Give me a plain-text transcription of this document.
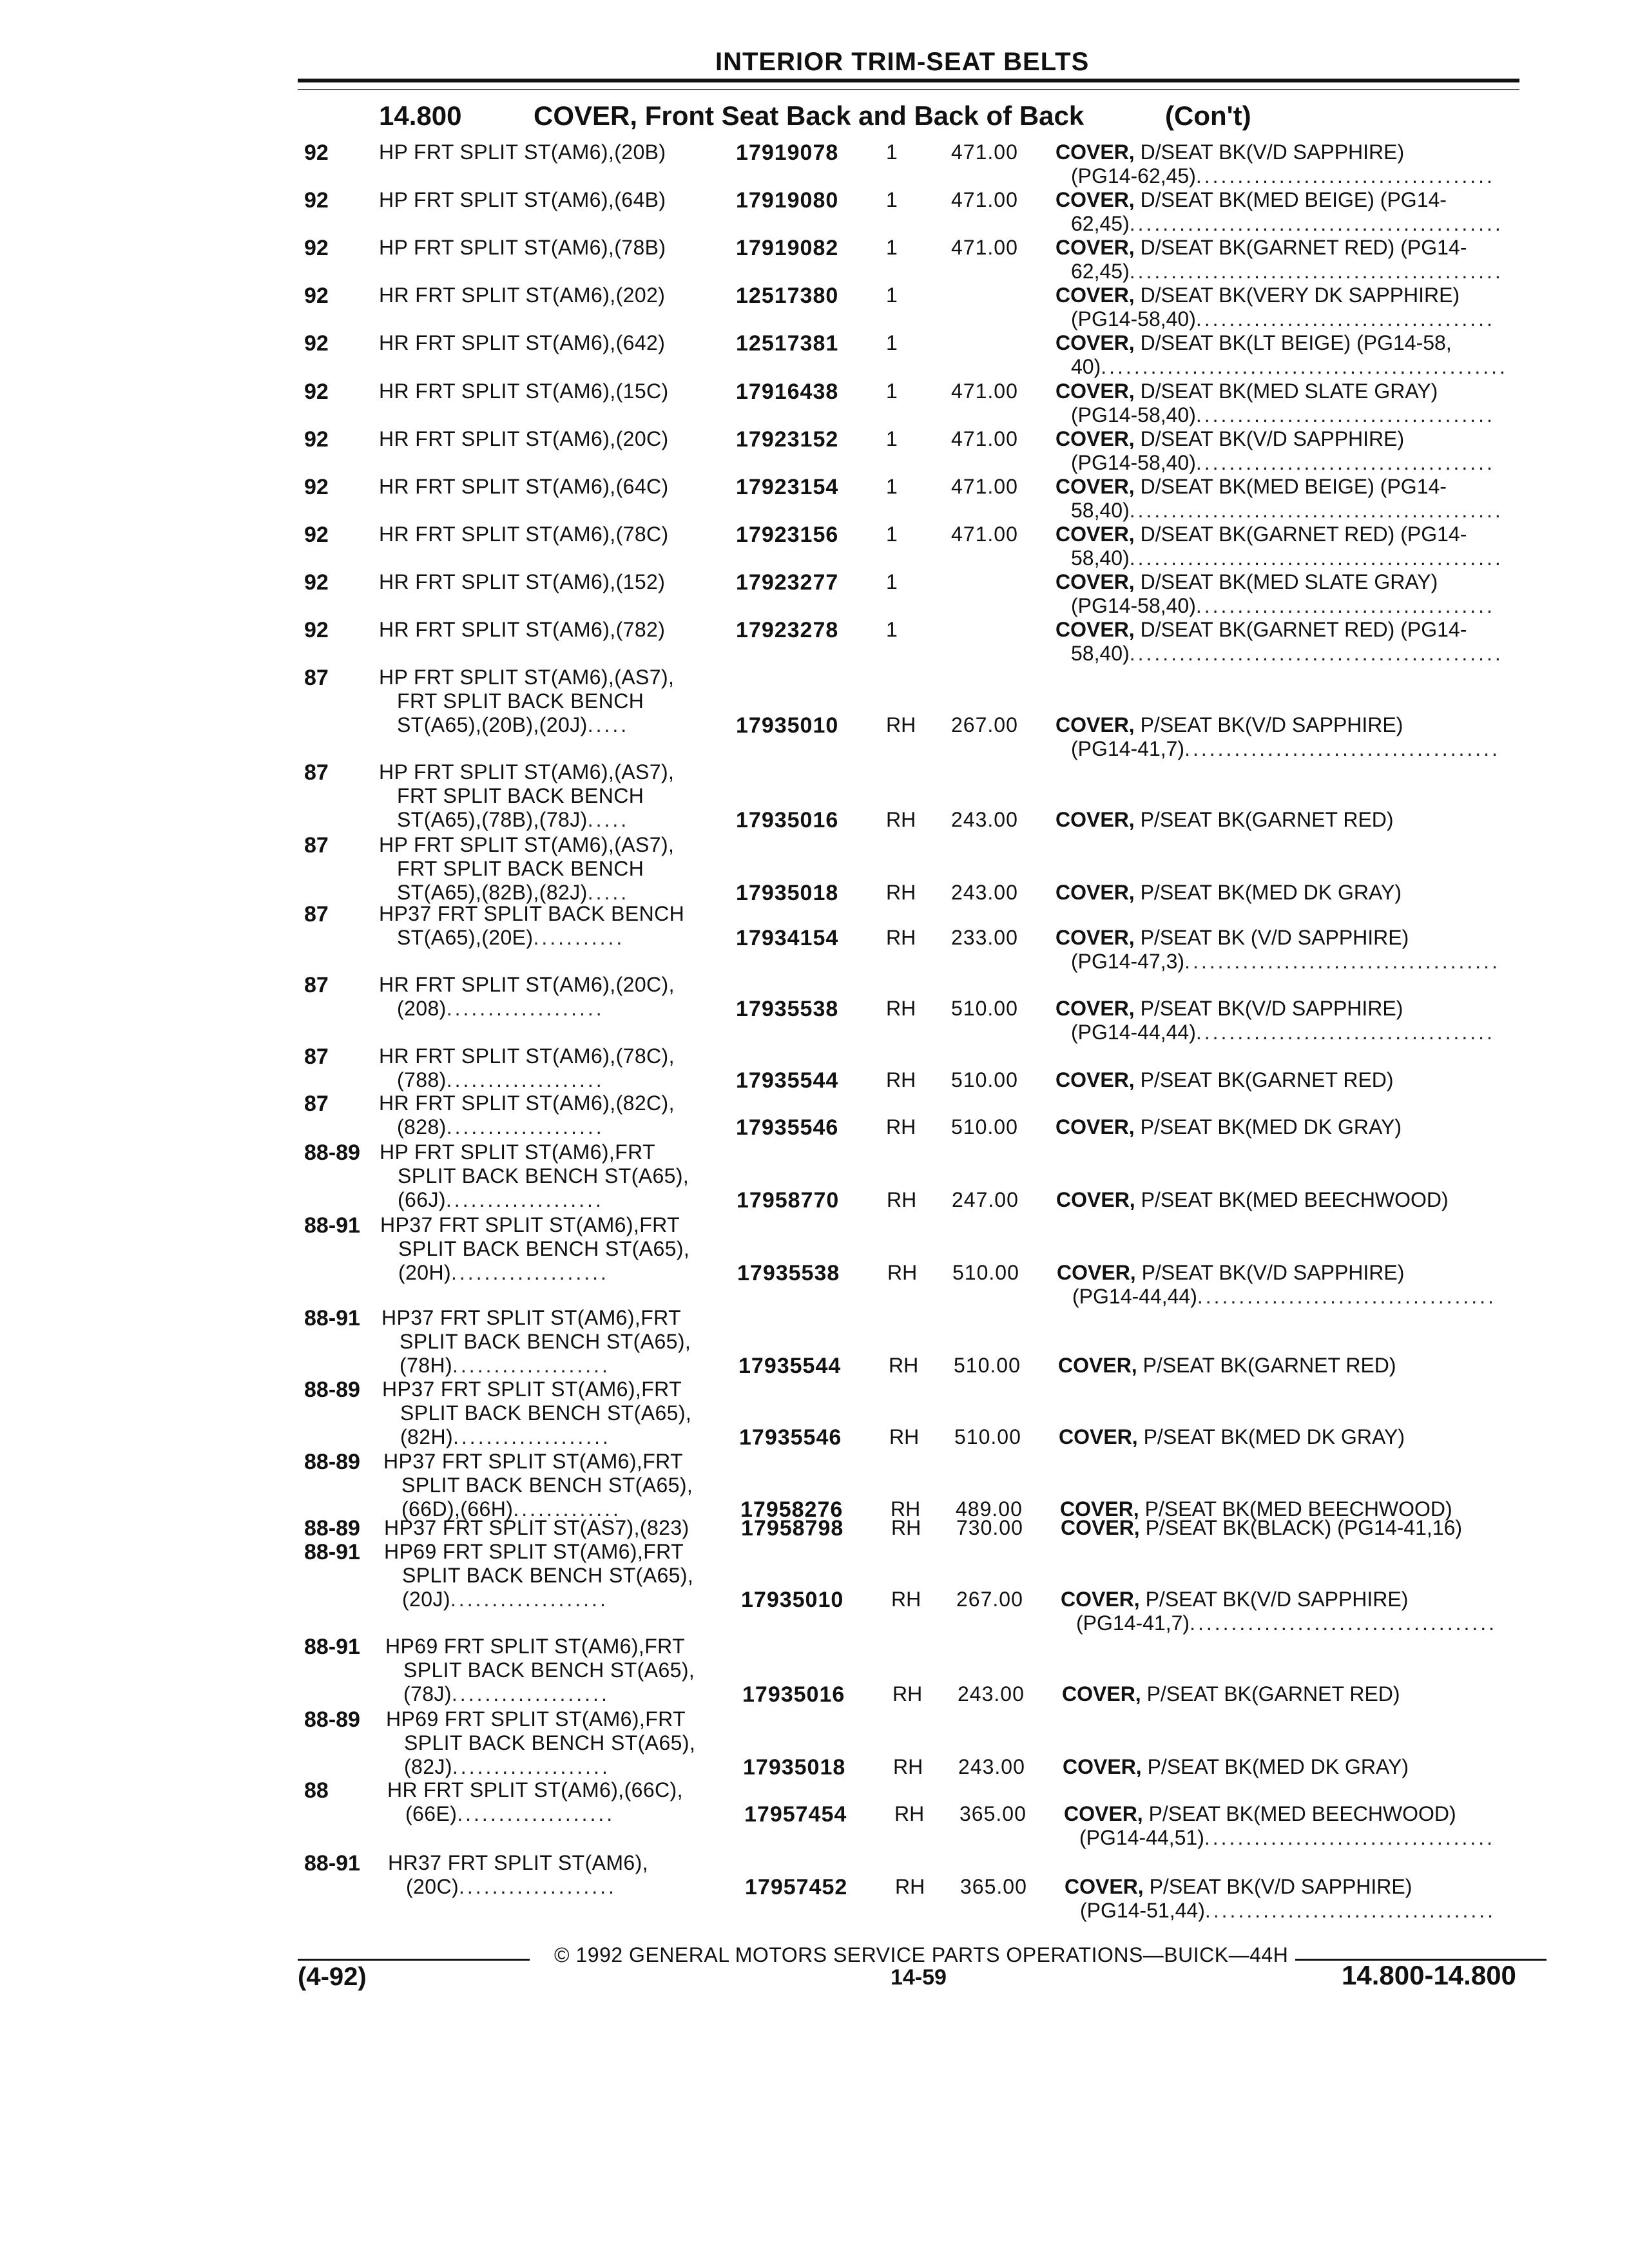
INTERIOR TRIM-SEAT BELTS
14.800	COVER, Front Seat Back and Back of Back	(Con't)
92 HP FRT SPLIT ST(AM6),(20B)	17919078 1	471.00 COVER, D/SEAT BK(V/D SAPPHIRE)
(PG14-62,45)....................................
92 HP FRT SPLIT ST(AM6),(64B)	17919080 1	471.00 COVER, D/SEAT BK(MED BEIGE) (PG14-
62,45).............................................
92 HP FRT SPLIT ST(AM6),(78B)	17919082 1	471.00 COVER, D/SEAT BK(GARNET RED) (PG14-
62,45).............................................
92 HR FRT SPLIT ST(AM6),(202)	12517380 1	COVER, D/SEAT BK(VERY DK SAPPHIRE)
(PG14-58,40)....................................
92 HR FRT SPLIT ST(AM6),(642)	12517381 1	COVER, D/SEAT BK(LT BEIGE) (PG14-58,
40).................................................
92 HR FRT SPLIT ST(AM6),(15C)	17916438 1	471.00 COVER, D/SEAT BK(MED SLATE GRAY)
(PG14-58,40)....................................
92 HR FRT SPLIT ST(AM6),(20C)	17923152 1	471.00 COVER, D/SEAT BK(V/D SAPPHIRE)
(PG14-58,40)....................................
92 HR FRT SPLIT ST(AM6),(64C)	17923154 1	471.00 COVER, D/SEAT BK(MED BEIGE) (PG14-
58,40).............................................
92 HR FRT SPLIT ST(AM6),(78C)	17923156 1	471.00 COVER, D/SEAT BK(GARNET RED) (PG14-
58,40).............................................
92 HR FRT SPLIT ST(AM6),(152)	17923277 1	COVER, D/SEAT BK(MED SLATE GRAY)
(PG14-58,40)....................................
92 HR FRT SPLIT ST(AM6),(782)	17923278 1	COVER, D/SEAT BK(GARNET RED) (PG14-
58,40).............................................
87 HP FRT SPLIT ST(AM6),(AS7),
FRT SPLIT BACK BENCH
ST(A65),(20B),(20J).....	17935010 RH 267.00 COVER, P/SEAT BK(V/D SAPPHIRE)
(PG14-41,7)......................................
87 HP FRT SPLIT ST(AM6),(AS7),
FRT SPLIT BACK BENCH
ST(A65),(78B),(78J).....	17935016 RH 243.00 COVER, P/SEAT BK(GARNET RED)
87 HP FRT SPLIT ST(AM6),(AS7),
FRT SPLIT BACK BENCH
ST(A65),(82B),(82J).....	17935018 RH 243.00 COVER, P/SEAT BK(MED DK GRAY)
87 HP37 FRT SPLIT BACK BENCH
ST(A65),(20E)...........	17934154 RH 233.00 COVER, P/SEAT BK (V/D SAPPHIRE)
(PG14-47,3)......................................
87 HR FRT SPLIT ST(AM6),(20C),
(208)...................	17935538 RH 510.00 COVER, P/SEAT BK(V/D SAPPHIRE)
(PG14-44,44)....................................
87 HR FRT SPLIT ST(AM6),(78C),
(788)...................	17935544 RH 510.00 COVER, P/SEAT BK(GARNET RED)
87 HR FRT SPLIT ST(AM6),(82C),
(828)...................	17935546 RH 510.00 COVER, P/SEAT BK(MED DK GRAY)
88-89 HP FRT SPLIT ST(AM6),FRT
SPLIT BACK BENCH ST(A65),
(66J)...................	17958770 RH 247.00 COVER, P/SEAT BK(MED BEECHWOOD)
88-91 HP37 FRT SPLIT ST(AM6),FRT
SPLIT BACK BENCH ST(A65),
(20H)...................	17935538 RH 510.00 COVER, P/SEAT BK(V/D SAPPHIRE)
(PG14-44,44)....................................
88-91 HP37 FRT SPLIT ST(AM6),FRT
SPLIT BACK BENCH ST(A65),
(78H)...................	17935544 RH 510.00 COVER, P/SEAT BK(GARNET RED)
88-89 HP37 FRT SPLIT ST(AM6),FRT
SPLIT BACK BENCH ST(A65),
(82H)...................	17935546 RH 510.00 COVER, P/SEAT BK(MED DK GRAY)
88-89 HP37 FRT SPLIT ST(AM6),FRT
SPLIT BACK BENCH ST(A65),
(66D),(66H).............	17958276 RH 489.00 COVER, P/SEAT BK(MED BEECHWOOD)
88-89 HP37 FRT SPLIT ST(AS7),(823) 17958798 RH 730.00 COVER, P/SEAT BK(BLACK) (PG14-41,16)
88-91 HP69 FRT SPLIT ST(AM6),FRT
SPLIT BACK BENCH ST(A65),
(20J)...................	17935010 RH 267.00 COVER, P/SEAT BK(V/D SAPPHIRE)
(PG14-41,7).....................................
88-91 HP69 FRT SPLIT ST(AM6),FRT
SPLIT BACK BENCH ST(A65),
(78J)...................	17935016 RH 243.00 COVER, P/SEAT BK(GARNET RED)
88-89 HP69 FRT SPLIT ST(AM6),FRT
SPLIT BACK BENCH ST(A65),
(82J)...................	17935018 RH 243.00 COVER, P/SEAT BK(MED DK GRAY)
88	HR FRT SPLIT ST(AM6),(66C),
(66E)...................	17957454 RH 365.00 COVER, P/SEAT BK(MED BEECHWOOD)
(PG14-44,51)...................................
88-91 HR37 FRT SPLIT ST(AM6),
(20C)...................	17957452 RH 365.00 COVER, P/SEAT BK(V/D SAPPHIRE)
(PG14-51,44)...................................
© 1992 GENERAL MOTORS SERVICE PARTS OPERATIONS—BUICK—44H
(4-92)	14-59	14.800-14.800
